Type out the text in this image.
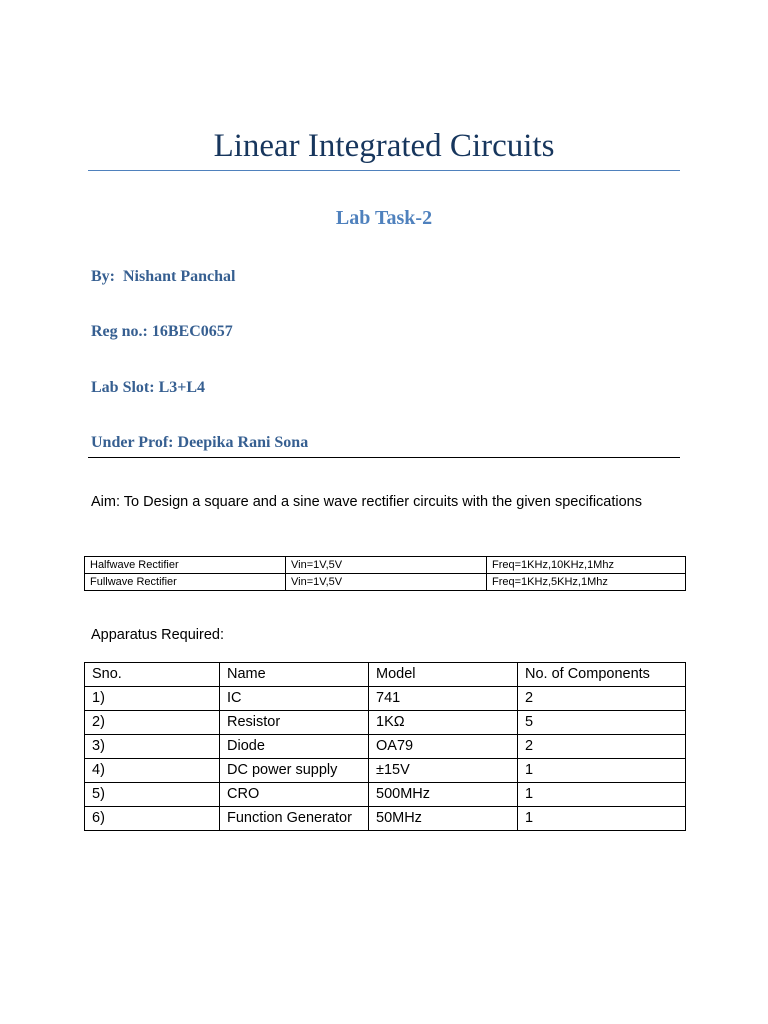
Linear Integrated Circuits
Lab Task-2
By:  Nishant Panchal
Reg no.: 16BEC0657
Lab Slot: L3+L4
Under Prof: Deepika Rani Sona
Aim: To Design a square and a sine wave rectifier circuits with the given specifications
Halfwave Rectifier	Vin=1V,5V	Freq=1KHz,10KHz,1Mhz
Fullwave Rectifier	Vin=1V,5V	Freq=1KHz,5KHz,1Mhz
Apparatus Required:
Sno.	Name	Model	No. of Components
1)	IC	741	2
2)	Resistor	1KΩ	5
3)	Diode	OA79	2
4)	DC power supply	±15V	1
5)	CRO	500MHz	1
6)	Function Generator	50MHz	1
